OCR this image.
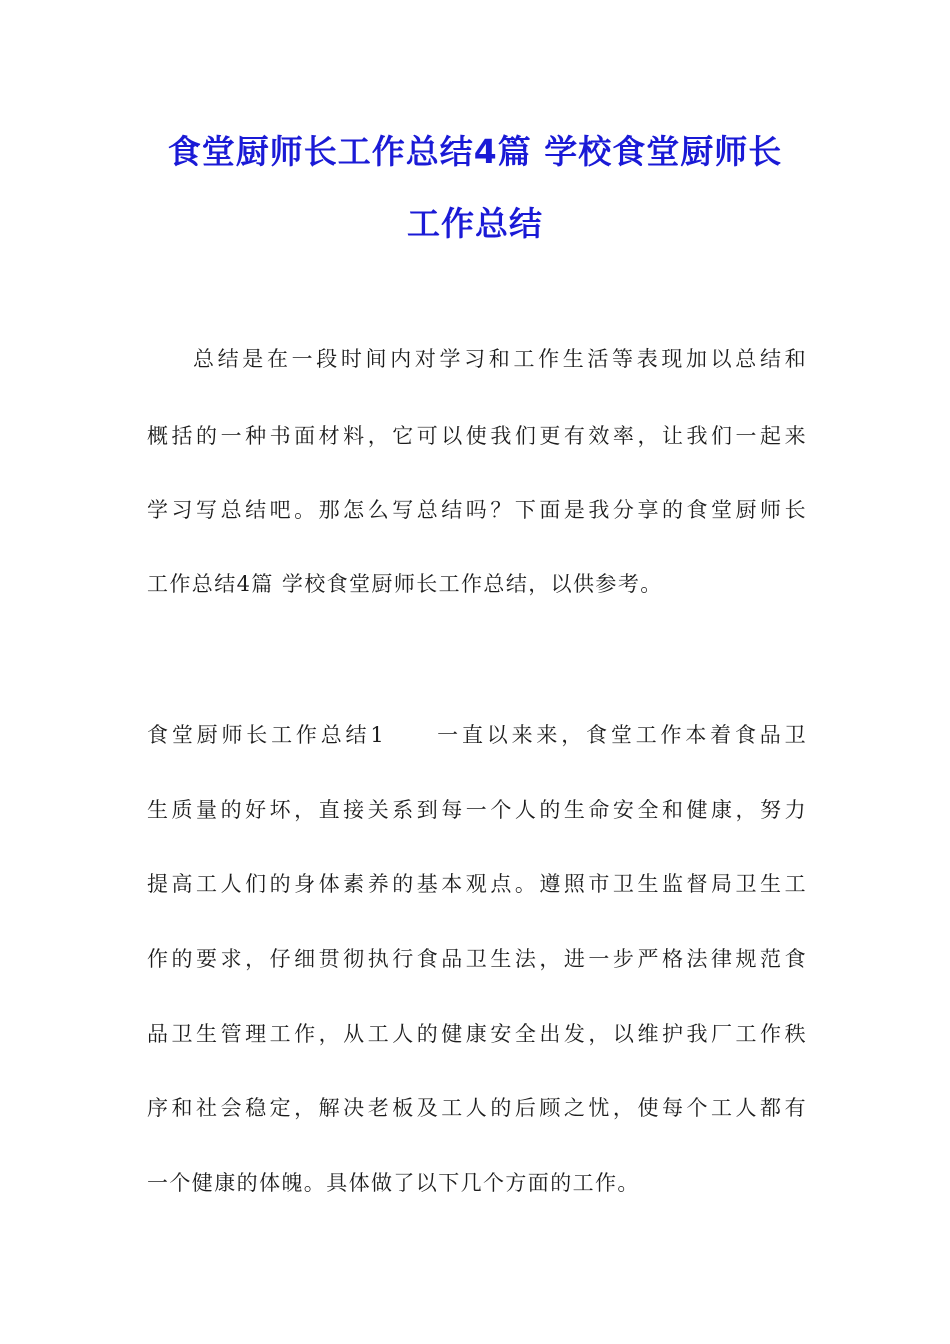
食堂厨师长工作总结4篇 学校食堂厨师长
工作总结
总结是在一段时间内对学习和工作生活等表现加以总结和
概括的一种书面材料，它可以使我们更有效率，让我们一起来
学习写总结吧。那怎么写总结吗？下面是我分享的食堂厨师长
工作总结4篇 学校食堂厨师长工作总结，以供参考。
食堂厨师长工作总结1　　一直以来来，食堂工作本着食品卫
生质量的好坏，直接关系到每一个人的生命安全和健康，努力
提高工人们的身体素养的基本观点。遵照市卫生监督局卫生工
作的要求，仔细贯彻执行食品卫生法，进一步严格法律规范食
品卫生管理工作，从工人的健康安全出发，以维护我厂工作秩
序和社会稳定，解决老板及工人的后顾之忧，使每个工人都有
一个健康的体魄。具体做了以下几个方面的工作。
